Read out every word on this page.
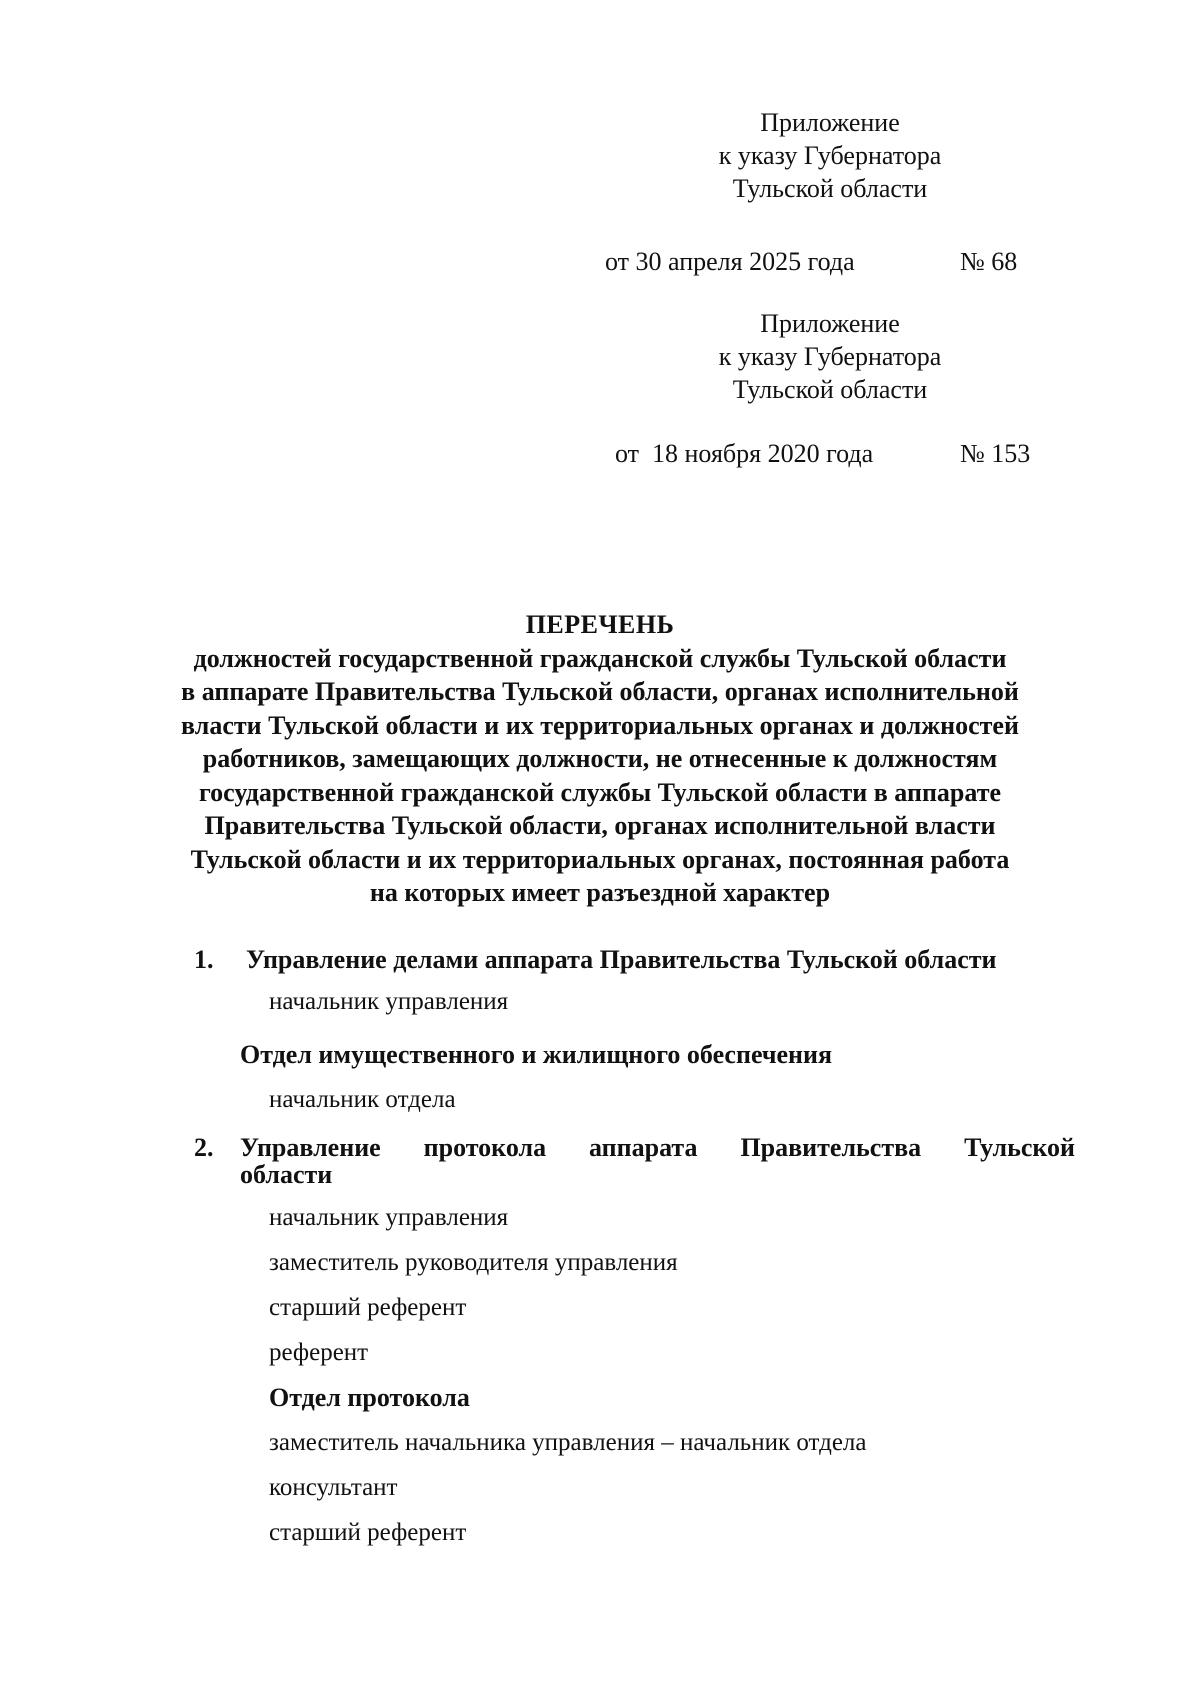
Приложение
к указу Губернатора
Тульской области

от 30 апреля 2025 года

	№ 68

Приложение
к указу Губернатора
Тульской области

от  18 ноября 2020 года

	№ 153

ПЕРЕЧЕНЬ
должностей государственной гражданской службы Тульской области
в аппарате Правительства Тульской области, органах исполнительной
власти Тульской области и их территориальных органах и должностей
работников, замещающих должности, не отнесенные к должностям
государственной гражданской службы Тульской области в аппарате
Правительства Тульской области, органах исполнительной власти
Тульской области и их территориальных органах, постоянная работа
на которых имеет разъездной характер
1. Управление делами аппарата Правительства Тульской области
начальник управления
Отдел имущественного и жилищного обеспечения
начальник отдела
2. Управление протокола аппарата Правительства Тульской
области
начальник управления
заместитель руководителя управления
старший референт
референт
Отдел протокола
заместитель начальника управления – начальник отдела
консультант
старший референт
